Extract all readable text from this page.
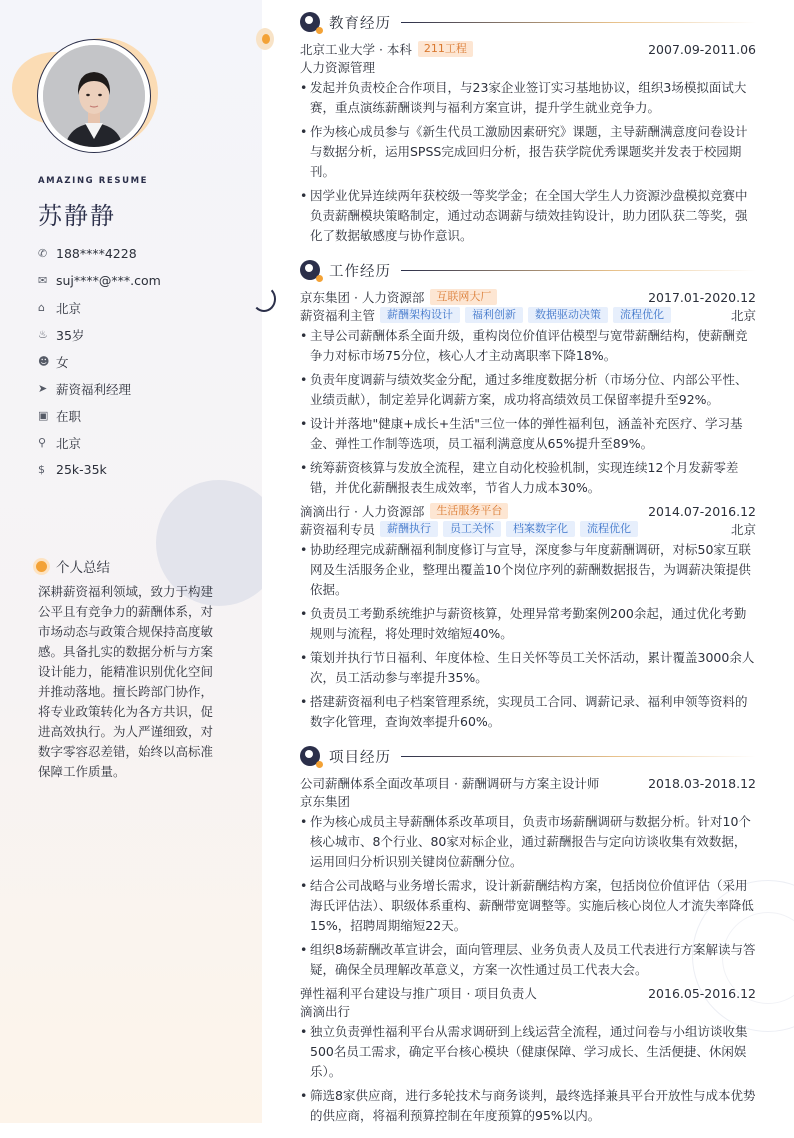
AMAZING RESUME
苏静静
✆ 188****4228
✉ suj****@***.com
⌂ 北京
♨ 35岁
☻ 女
➤ 薪资福利经理
▣ 在职
⚲ 北京
$ 25k-35k
个人总结
深耕薪资福利领域，致力于构建公平且有竞争力的薪酬体系，对市场动态与政策合规保持高度敏感。具备扎实的数据分析与方案设计能力，能精准识别优化空间并推动落地。擅长跨部门协作，将专业政策转化为各方共识，促进高效执行。为人严谨细致，对数字零容忍差错，始终以高标准保障工作质量。
教育经历
北京工业大学 · 本科	211工程	2007.09-2011.06
人力资源管理
• 发起并负责校企合作项目，与23家企业签订实习基地协议，组织3场模拟面试大赛，重点演练薪酬谈判与福利方案宣讲，提升学生就业竞争力。
• 作为核心成员参与《新生代员工激励因素研究》课题，主导薪酬满意度问卷设计与数据分析，运用SPSS完成回归分析，报告获学院优秀课题奖并发表于校园期刊。
• 因学业优异连续两年获校级一等奖学金；在全国大学生人力资源沙盘模拟竞赛中负责薪酬模块策略制定，通过动态调薪与绩效挂钩设计，助力团队获二等奖，强化了数据敏感度与协作意识。
工作经历
京东集团 · 人力资源部	互联网大厂	2017.01-2020.12
薪资福利主管	薪酬架构设计	福利创新	数据驱动决策	流程优化	北京
• 主导公司薪酬体系全面升级，重构岗位价值评估模型与宽带薪酬结构，使薪酬竞争力对标市场75分位，核心人才主动离职率下降18%。
• 负责年度调薪与绩效奖金分配，通过多维度数据分析（市场分位、内部公平性、业绩贡献），制定差异化调薪方案，成功将高绩效员工保留率提升至92%。
• 设计并落地"健康+成长+生活"三位一体的弹性福利包，涵盖补充医疗、学习基金、弹性工作制等选项，员工福利满意度从65%提升至89%。
• 统筹薪资核算与发放全流程，建立自动化校验机制，实现连续12个月发薪零差错，并优化薪酬报表生成效率，节省人力成本30%。
滴滴出行 · 人力资源部	生活服务平台	2014.07-2016.12
薪资福利专员	薪酬执行	员工关怀	档案数字化	流程优化	北京
• 协助经理完成薪酬福利制度修订与宣导，深度参与年度薪酬调研，对标50家互联网及生活服务企业，整理出覆盖10个岗位序列的薪酬数据报告，为调薪决策提供依据。
• 负责员工考勤系统维护与薪资核算，处理异常考勤案例200余起，通过优化考勤规则与流程，将处理时效缩短40%。
• 策划并执行节日福利、年度体检、生日关怀等员工关怀活动，累计覆盖3000余人次，员工活动参与率提升35%。
• 搭建薪资福利电子档案管理系统，实现员工合同、调薪记录、福利申领等资料的数字化管理，查询效率提升60%。
项目经历
公司薪酬体系全面改革项目 · 薪酬调研与方案主设计师	2018.03-2018.12
京东集团
• 作为核心成员主导薪酬体系改革项目，负责市场薪酬调研与数据分析。针对10个核心城市、8个行业、80家对标企业，通过薪酬报告与定向访谈收集有效数据，运用回归分析识别关键岗位薪酬分位。
• 结合公司战略与业务增长需求，设计新薪酬结构方案，包括岗位价值评估（采用海氏评估法）、职级体系重构、薪酬带宽调整等。实施后核心岗位人才流失率降低15%，招聘周期缩短22天。
• 组织8场薪酬改革宣讲会，面向管理层、业务负责人及员工代表进行方案解读与答疑，确保全员理解改革意义，方案一次性通过员工代表大会。
弹性福利平台建设与推广项目 · 项目负责人	2016.05-2016.12
滴滴出行
• 独立负责弹性福利平台从需求调研到上线运营全流程，通过问卷与小组访谈收集500名员工需求，确定平台核心模块（健康保障、学习成长、生活便捷、休闲娱乐）。
• 筛选8家供应商，进行多轮技术与商务谈判，最终选择兼具平台开放性与成本优势的供应商，将福利预算控制在年度预算的95%以内。
